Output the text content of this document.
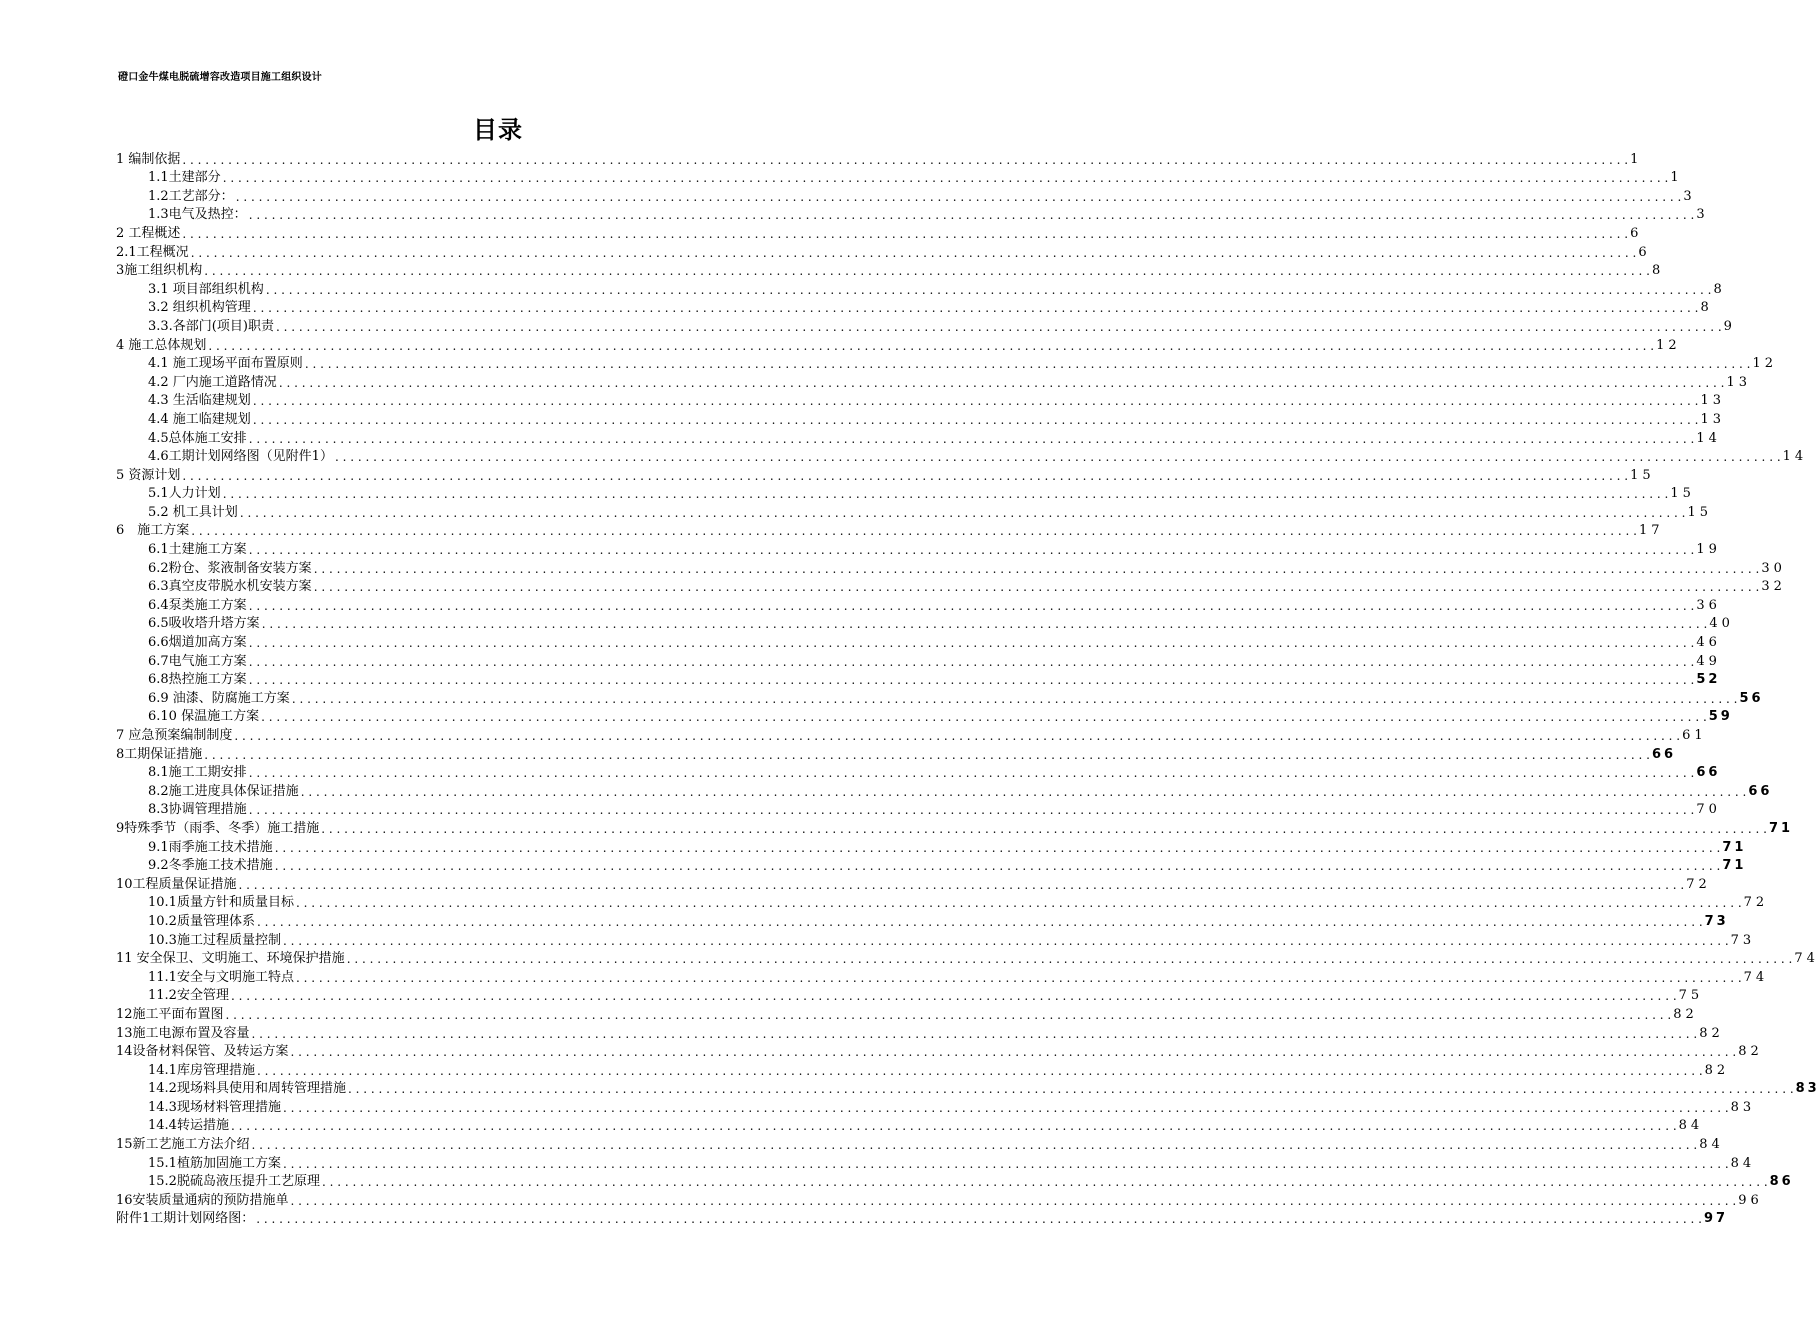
磴口金牛煤电脱硫增容改造项目施工组织设计
目录
1 编制依据 . . .	1
1.1土建部分 . . .	1
1.2工艺部分： . . .	3
1.3电气及热控： . . .	3
2 工程概述 . . .	6
2.1工程概况 . . .	6
3施工组织机构 . . .	8
3.1 项目部组织机构 . . .	8
3.2 组织机构管理 . . .	8
3.3.各部门(项目)职责 . . .	9
4 施工总体规划 . . .	12
4.1 施工现场平面布置原则 . . .	12
4.2 厂内施工道路情况 . . .	13
4.3 生活临建规划 . . .	13
4.4 施工临建规划 . . .	13
4.5总体施工安排 . . .	14
4.6工期计划网络图（见附件1） . . .	14
5 资源计划 . . .	15
5.1人力计划 . . .	15
5.2 机工具计划 . . .	15
6　施工方案 . . .	17
6.1土建施工方案 . . .	19
6.2粉仓、浆液制备安装方案 . . .	30
6.3真空皮带脱水机安装方案 . . .	32
6.4泵类施工方案 . . .	36
6.5吸收塔升塔方案 . . .	40
6.6烟道加高方案 . . .	46
6.7电气施工方案 . . .	49
6.8热控施工方案 . . .	52
6.9 油漆、防腐施工方案 . . .	56
6.10 保温施工方案 . . .	59
7 应急预案编制制度 . . .	61
8工期保证措施 . . .	66
8.1施工工期安排 . . .	66
8.2施工进度具体保证措施 . . .	66
8.3协调管理措施 . . .	70
9特殊季节（雨季、冬季）施工措施 . . .	71
9.1雨季施工技术措施 . . .	71
9.2冬季施工技术措施 . . .	71
10工程质量保证措施 . . .	72
10.1质量方针和质量目标 . . .	72
10.2质量管理体系 . . .	73
10.3施工过程质量控制 . . .	73
11 安全保卫、文明施工、环境保护措施 . . .	74
11.1安全与文明施工特点 . . .	74
11.2安全管理 . . .	75
12施工平面布置图 . . .	82
13施工电源布置及容量 . . .	82
14设备材料保管、及转运方案 . . .	82
14.1库房管理措施 . . .	82
14.2现场料具使用和周转管理措施 . . .	83
14.3现场材料管理措施 . . .	83
14.4转运措施 . . .	84
15新工艺施工方法介绍 . . .	84
15.1植筋加固施工方案 . . .	84
15.2脱硫岛液压提升工艺原理 . . .	86
16安装质量通病的预防措施单 . . .	96
附件1工期计划网络图： . . .	97
